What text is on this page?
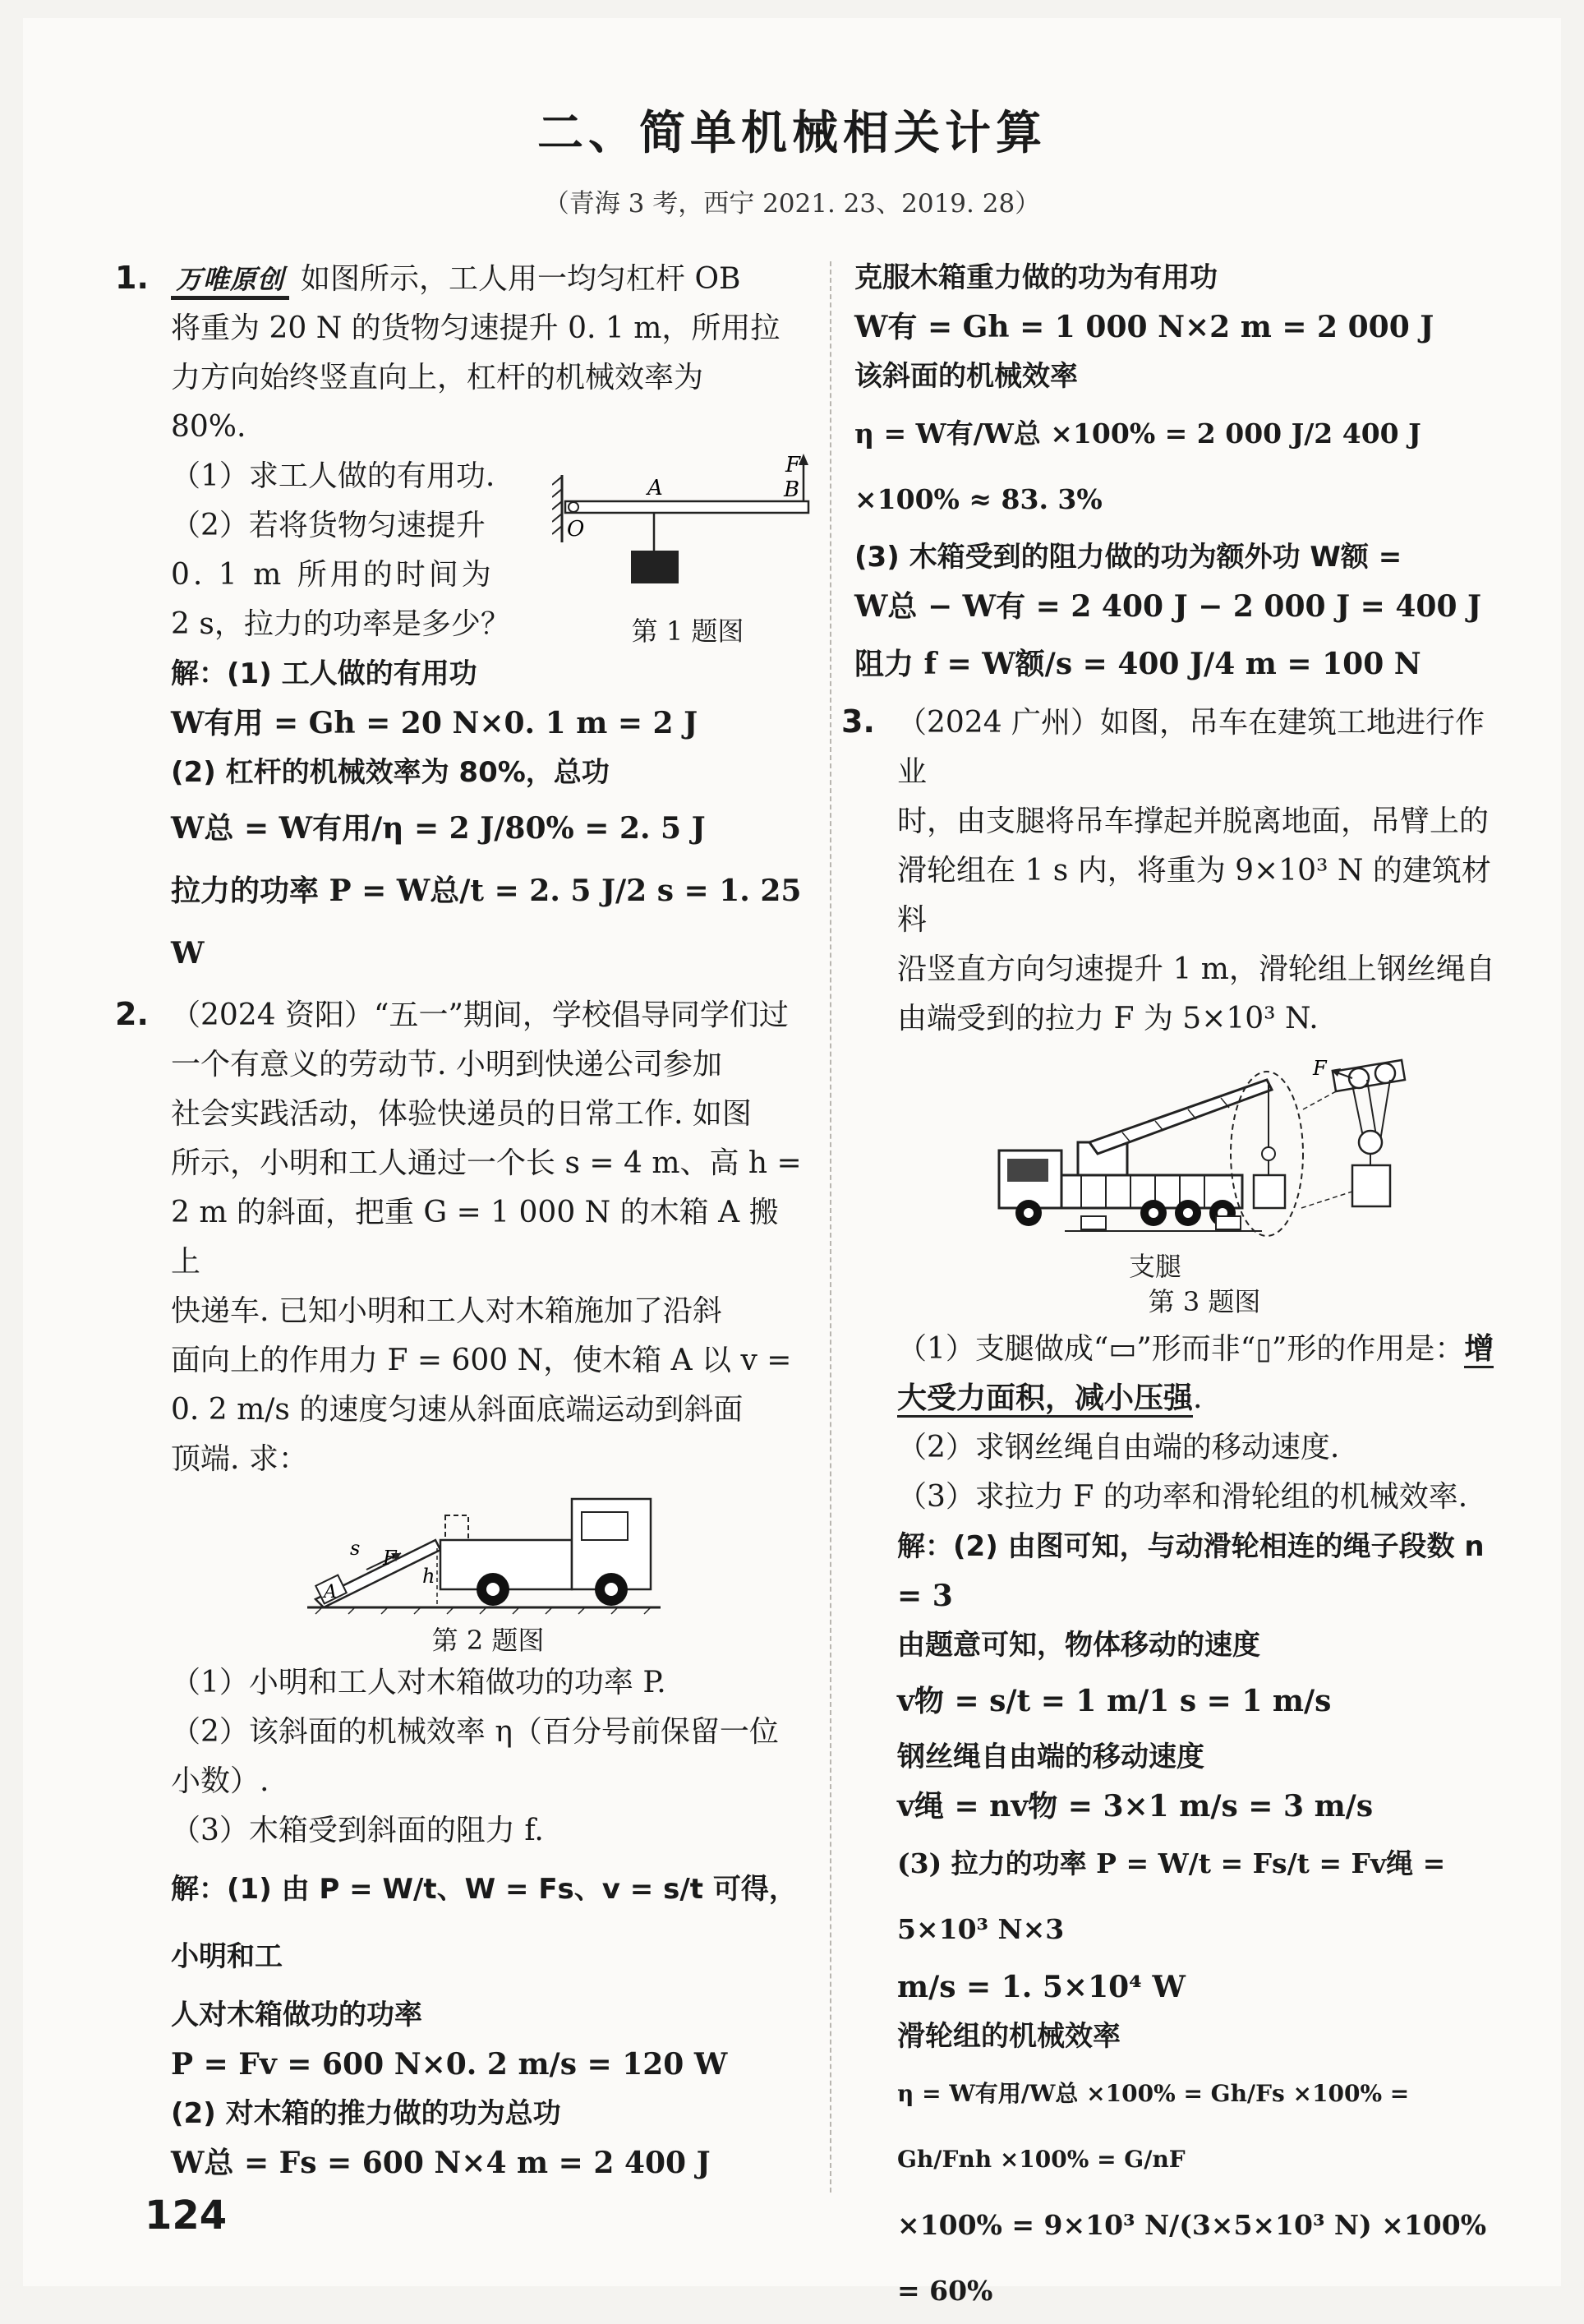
二、简单机械相关计算
（青海 3 考，西宁 2021. 23、2019. 28）

1. 万唯原创 如图所示，工人用一均匀杠杆 OB

将重为 20 N 的货物匀速提升 0. 1 m，所用拉

力方向始终竖直向上，杠杆的机械效率为

80%.

（1）求工人做的有用功.

（2）若将货物匀速提升

0. 1 m 所用的时间为

2 s，拉力的功率是多少？

F
A	B
O
第 1 题图

解：(1) 工人做的有用功

W有用 = Gh = 20 N×0. 1 m = 2 J

(2) 杠杆的机械效率为 80%，总功

W总 = W有用/η = 2 J/80% = 2. 5 J

拉力的功率 P = W总/t = 2. 5 J/2 s = 1. 25 W

2. （2024 资阳）“五一”期间，学校倡导同学们过

一个有意义的劳动节. 小明到快递公司参加

社会实践活动，体验快递员的日常工作. 如图

所示，小明和工人通过一个长 s = 4 m、高 h =

2 m 的斜面，把重 G = 1 000 N 的木箱 A 搬上

快递车. 已知小明和工人对木箱施加了沿斜

面向上的作用力 F = 600 N，使木箱 A 以 v =

0. 2 m/s 的速度匀速从斜面底端运动到斜面

顶端. 求：

s F
A
h
第 2 题图

（1）小明和工人对木箱做功的功率 P.

（2）该斜面的机械效率 η（百分号前保留一位

小数）.

（3）木箱受到斜面的阻力 f.

解：(1) 由 P = W/t、W = Fs、v = s/t 可得，小明和工

人对木箱做功的功率

P = Fv = 600 N×0. 2 m/s = 120 W

(2) 对木箱的推力做的功为总功

W总 = Fs = 600 N×4 m = 2 400 J

克服木箱重力做的功为有用功

W有 = Gh = 1 000 N×2 m = 2 000 J

该斜面的机械效率

η = W有/W总 ×100% = 2 000 J/2 400 J ×100% ≈ 83. 3%

(3) 木箱受到的阻力做的功为额外功 W额 =

W总 − W有 = 2 400 J − 2 000 J = 400 J

阻力 f = W额/s = 400 J/4 m = 100 N

3. （2024 广州）如图，吊车在建筑工地进行作业

时，由支腿将吊车撑起并脱离地面，吊臂上的

滑轮组在 1 s 内，将重为 9×10³ N 的建筑材料

沿竖直方向匀速提升 1 m，滑轮组上钢丝绳自

由端受到的拉力 F 为 5×10³ N.

F
支腿
第 3 题图

（1）支腿做成“▭”形而非“▯”形的作用是：增

大受力面积，减小压强.

（2）求钢丝绳自由端的移动速度.

（3）求拉力 F 的功率和滑轮组的机械效率.

解：(2) 由图可知，与动滑轮相连的绳子段数 n

= 3

由题意可知，物体移动的速度

v物 = s/t = 1 m/1 s = 1 m/s

钢丝绳自由端的移动速度

v绳 = nv物 = 3×1 m/s = 3 m/s

(3) 拉力的功率 P = W/t = Fs/t = Fv绳 = 5×10³ N×3

m/s = 1. 5×10⁴ W

滑轮组的机械效率

η = W有用/W总 ×100% = Gh/Fs ×100% = Gh/Fnh ×100% = G/nF

×100% = 9×10³ N/(3×5×10³ N) ×100% = 60%

124
